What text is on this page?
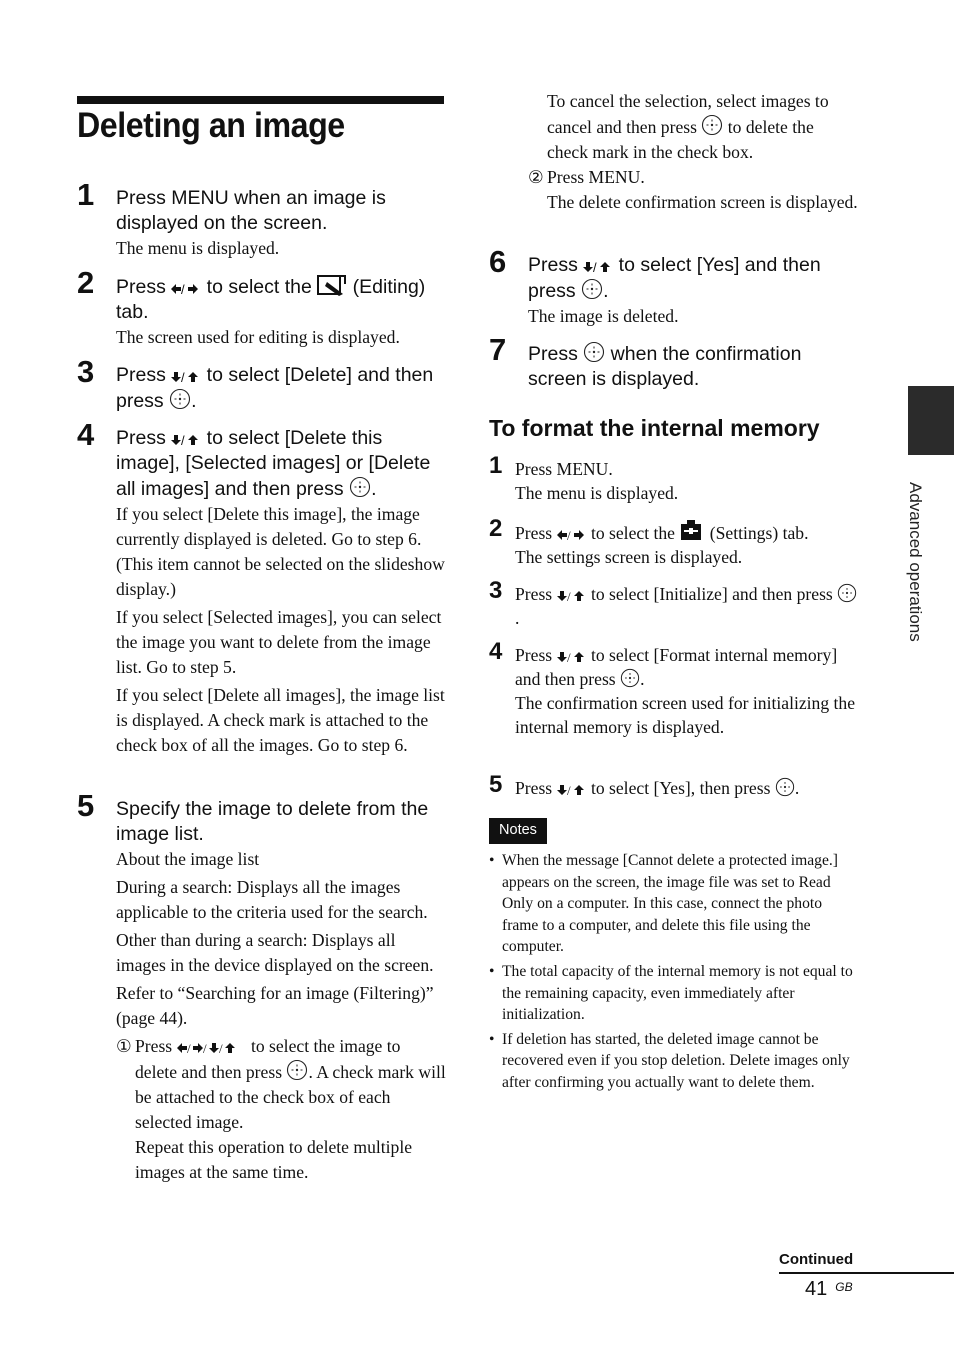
Deleting an image
1 Press MENU when an image is displayed on the screen.

The menu is displayed.

2 Press / to select the  (Editing) tab.

The screen used for editing is displayed.

3 Press / to select [Delete] and then press .

4 Press / to select [Delete this image], [Selected images] or [Delete all images] and then press .

If you select [Delete this image], the image currently displayed is deleted. Go to step 6. (This item cannot be selected on the slideshow display.)

If you select [Selected images], you can select the image you want to delete from the image list. Go to step 5.

If you select [Delete all images], the image list is displayed. A check mark is attached to the check box of all the images. Go to step 6.

5 Specify the image to delete from the image list.

About the image list

During a search: Displays all the images applicable to the criteria used for the search.

Other than during a search: Displays all images in the device displayed on the screen.

Refer to “Searching for an image (Filtering)” (page 44).

① Press / / / to select the image to delete and then press . A check mark will be attached to the check box of each selected image.

Repeat this operation to delete multiple images at the same time.

To cancel the selection, select images to cancel and then press  to delete the check mark in the check box.

② Press MENU.

The delete confirmation screen is displayed.

6 Press / to select [Yes] and then press .

The image is deleted.

7 Press  when the confirmation screen is displayed.

To format the internal memory
1 Press MENU.

The menu is displayed.

2 Press / to select the  (Settings) tab.

The settings screen is displayed.

3 Press / to select [Initialize] and then press .

4 Press / to select [Format internal memory] and then press .

The confirmation screen used for initializing the internal memory is displayed.

5 Press / to select [Yes], then press .

Notes
• When the message [Cannot delete a protected image.] appears on the screen, the image file was set to Read Only on a computer. In this case, connect the photo frame to a computer, and delete this file using the computer.
• The total capacity of the internal memory is not equal to the remaining capacity, even immediately after initialization.
• If deletion has started, the deleted image cannot be recovered even if you stop deletion. Delete images only after confirming you actually want to delete them.
Advanced operations
Continued
41 $^{GB}$
